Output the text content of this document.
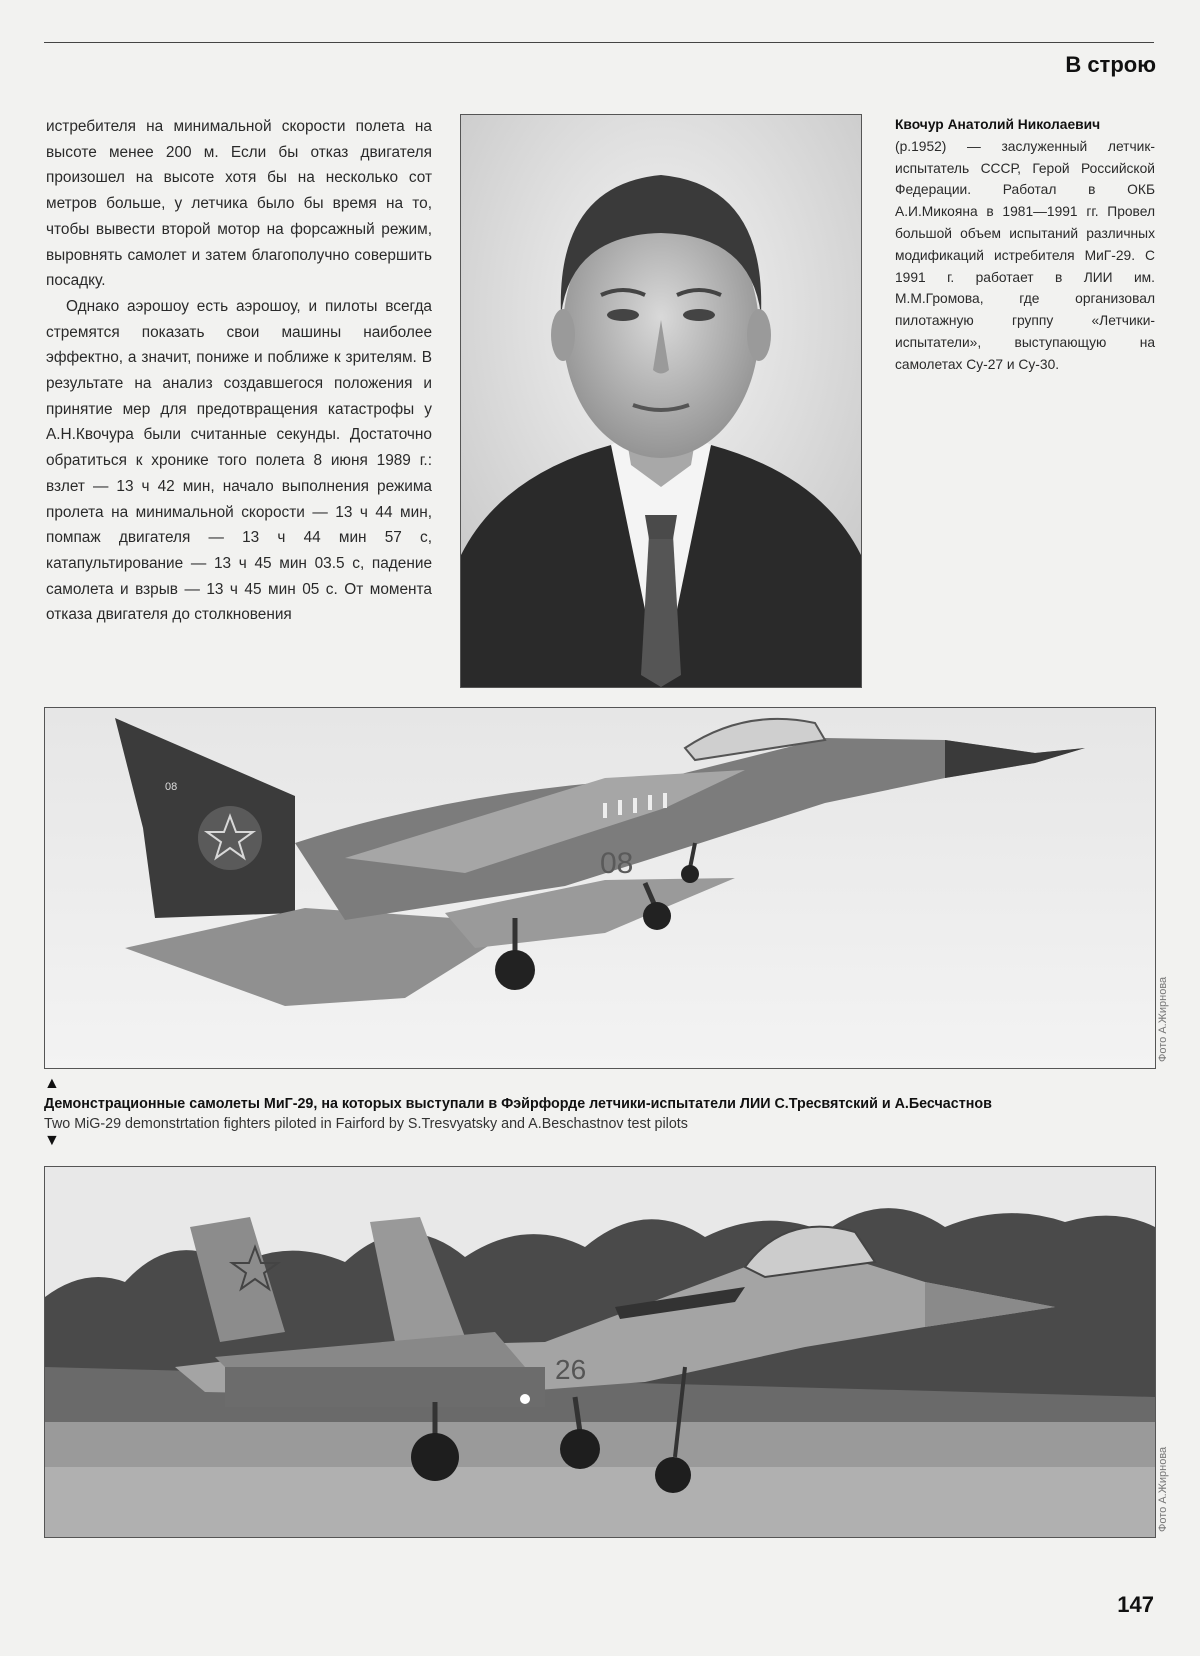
В строю

истребителя на минимальной скорости полета на высоте менее 200 м. Если бы отказ двигателя произошел на высоте хотя бы на несколько сот метров больше, у летчика было бы время на то, чтобы вывести второй мотор на форсажный режим, выровнять самолет и затем благополучно совершить посадку.

Однако аэрошоу есть аэрошоу, и пилоты всегда стремятся показать свои машины наиболее эффектно, а значит, пониже и поближе к зрителям. В результате на анализ создавшегося положения и принятие мер для предотвращения катастрофы у А.Н.Квочура были считанные секунды. Достаточно обратиться к хронике того полета 8 июня 1989 г.: взлет — 13 ч 42 мин, начало выполнения режима пролета на минимальной скорости — 13 ч 44 мин, помпаж двигателя — 13 ч 44 мин 57 с, катапультирование — 13 ч 45 мин 03.5 с, падение самолета и взрыв — 13 ч 45 мин 05 с. От момента отказа двигателя до столкновения

Квочур Анатолий Николаевич
(р.1952) — заслуженный летчик-испытатель СССР, Герой Российской Федерации. Работал в ОКБ А.И.Микояна в 1981—1991 гг. Провел большой объем испытаний различных модификаций истребителя МиГ-29. С 1991 г. работает в ЛИИ им. М.М.Громова, где организовал пилотажную группу «Летчики-испытатели», выступающую на самолетах Су-27 и Су-30.
08
08
Фото А.Жирнова
▲
Демонстрационные самолеты МиГ-29, на которых выступали в Фэйрфорде летчики-испытатели ЛИИ С.Тресвятский и А.Бесчастнов
Two MiG-29 demonstrtation fighters piloted in Fairford by S.Tresvyatsky and A.Beschastnov test pilots
▼
26
Фото А.Жирнова
147
